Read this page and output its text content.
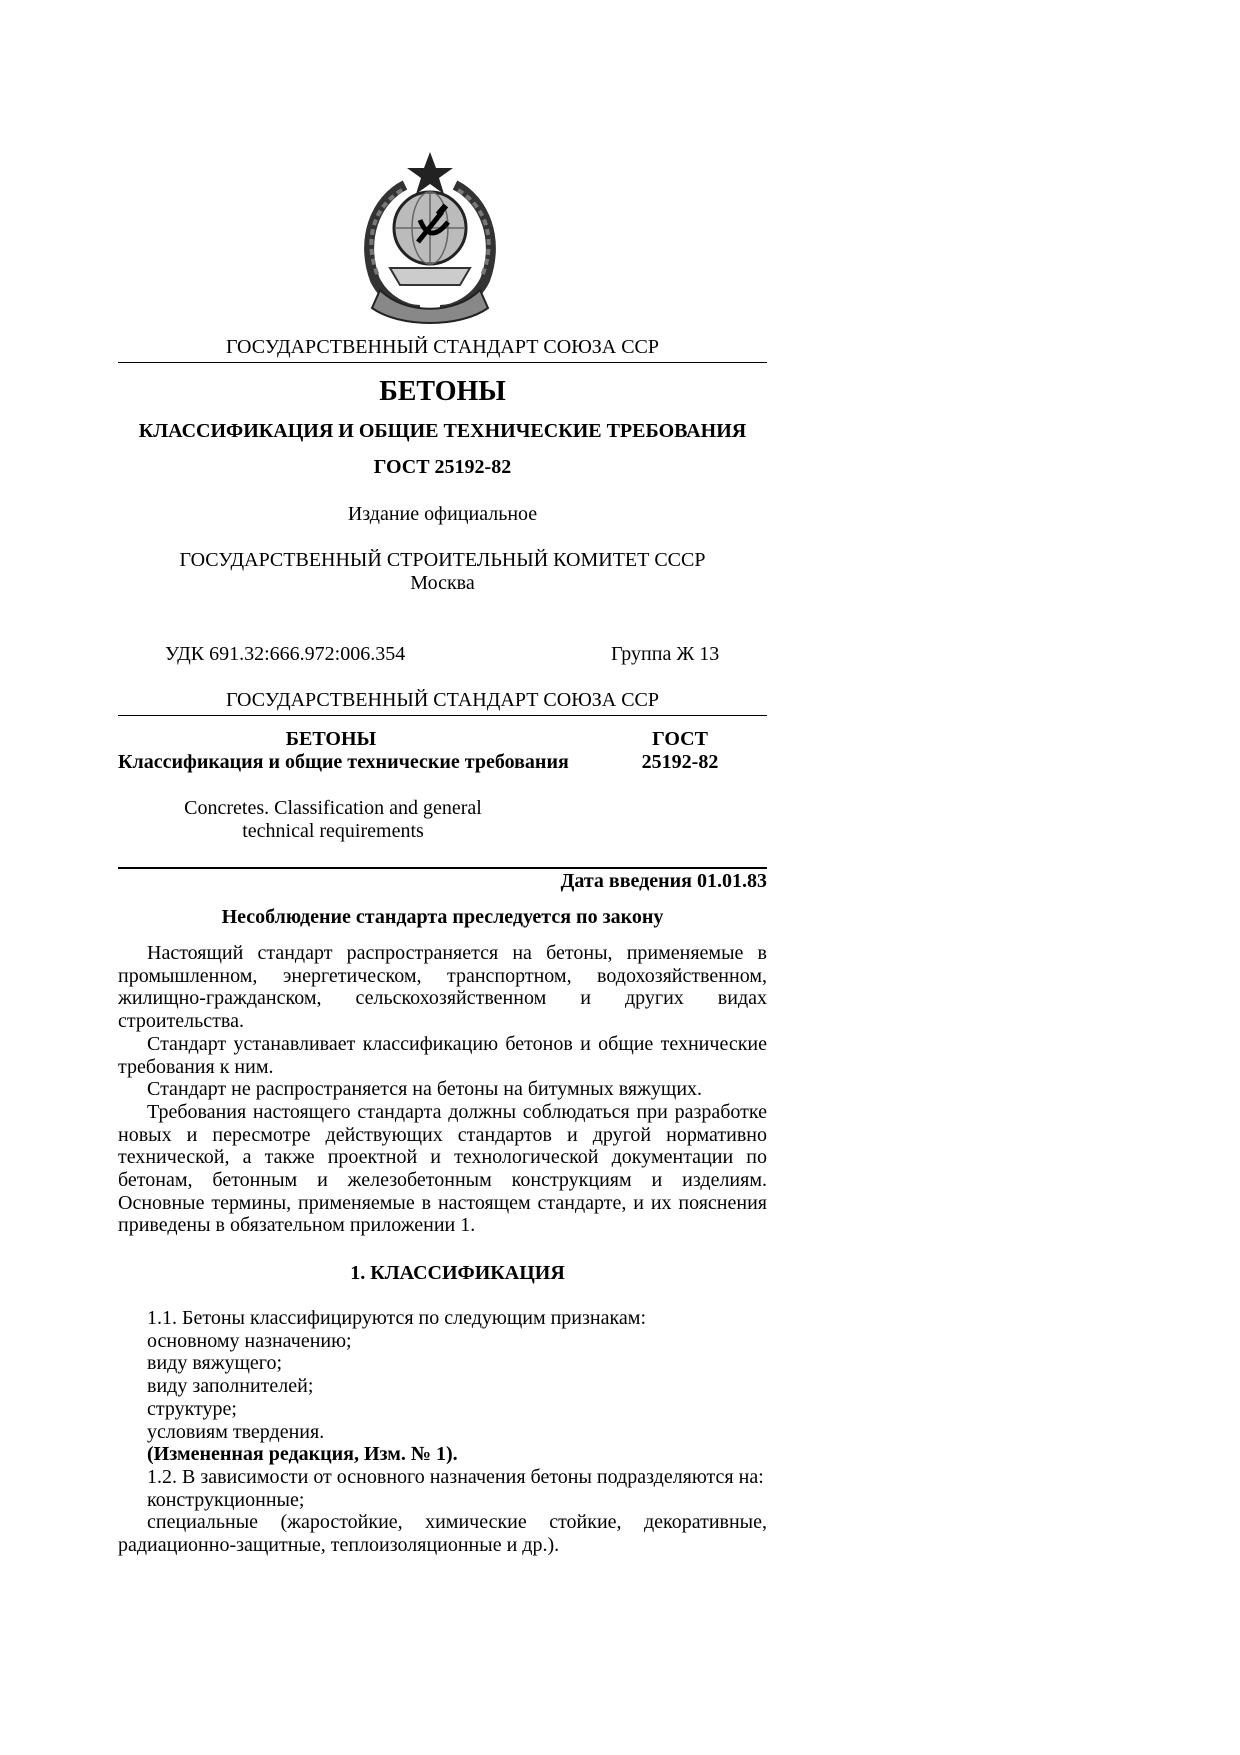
ГОСУДАРСТВЕННЫЙ СТАНДАРТ СОЮЗА ССР
БЕТОНЫ
КЛАССИФИКАЦИЯ И ОБЩИЕ ТЕХНИЧЕСКИЕ ТРЕБОВАНИЯ
ГОСТ 25192-82
Издание официальное
ГОСУДАРСТВЕННЫЙ СТРОИТЕЛЬНЫЙ КОМИТЕТ СССР
Москва
УДК 691.32:666.972:006.354	Группа Ж 13
ГОСУДАРСТВЕННЫЙ СТАНДАРТ СОЮЗА ССР
БЕТОНЫ
Классификация и общие технические требования
ГОСТ
25192-82
Concretes. Classification and general
technical requirements
Дата введения 01.01.83
Несоблюдение стандарта преследуется по закону

Настоящий стандарт распространяется на бетоны, применяемые в промышленном, энергетическом, транспортном, водохозяйственном, жилищно-гражданском, сельскохозяйственном и других видах строительства.

Стандарт устанавливает классификацию бетонов и общие технические требования к ним.

Стандарт не распространяется на бетоны на битумных вяжущих.

Требования настоящего стандарта должны соблюдаться при разработке новых и пересмотре действующих стандартов и другой нормативно технической, а также проектной и технологической документации по бетонам, бетонным и железобетонным конструкциям и изделиям. Основные термины, применяемые в настоящем стандарте, и их пояснения приведены в обязательном приложении 1.

1. КЛАССИФИКАЦИЯ

1.1. Бетоны классифицируются по следующим признакам:

основному назначению;

виду вяжущего;

виду заполнителей;

структуре;

условиям твердения.

(Измененная редакция, Изм. № 1).

1.2. В зависимости от основного назначения бетоны подразделяются на:

конструкционные;

специальные (жаростойкие, химические стойкие, декоративные, радиационно-защитные, теплоизоляционные и др.).
